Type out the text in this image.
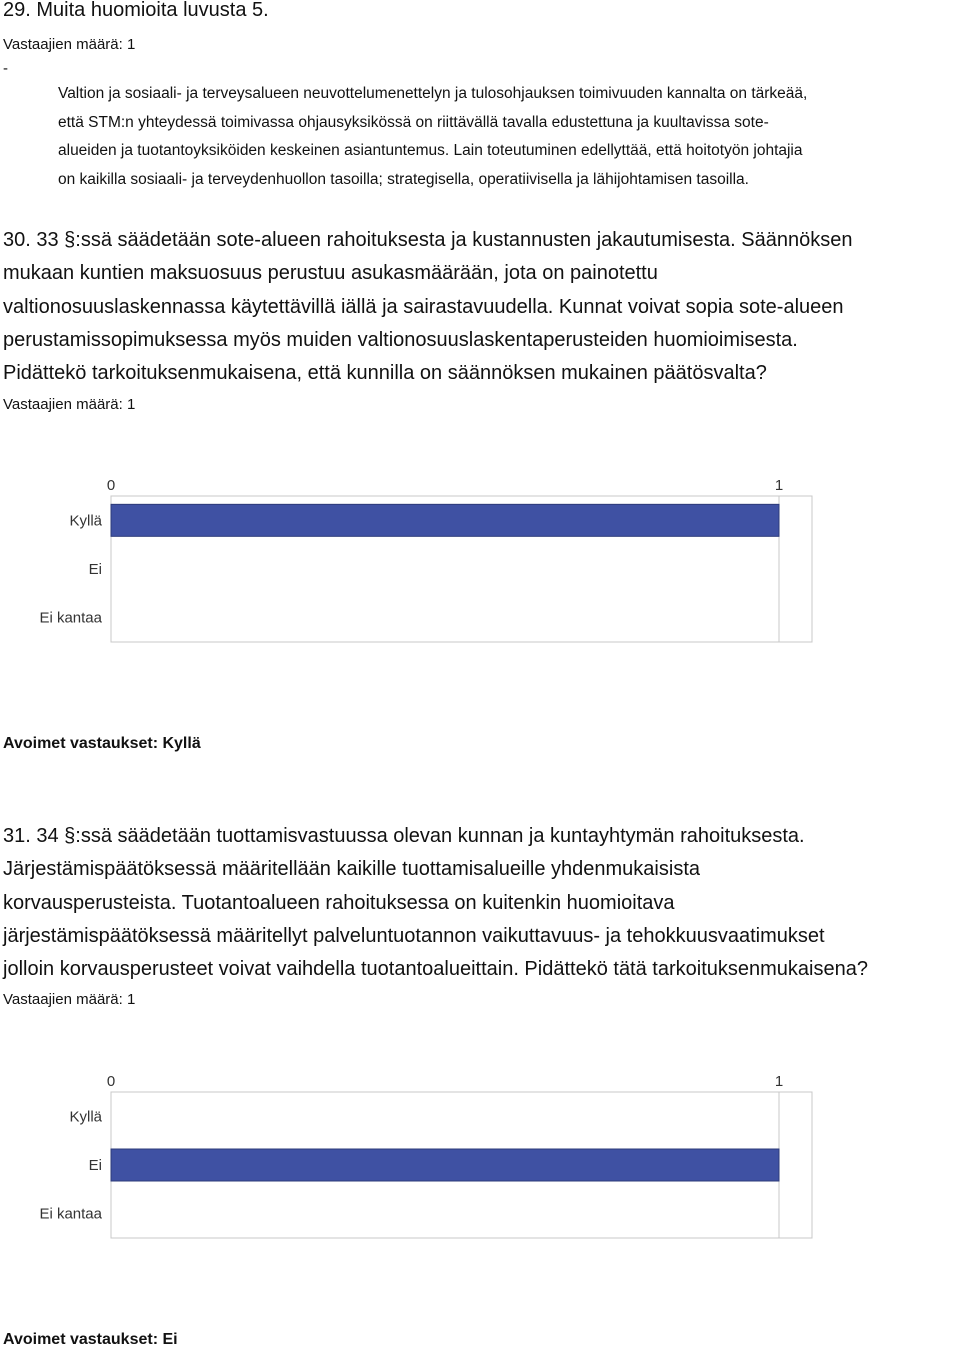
29. Muita huomioita luvusta 5.
Vastaajien määrä: 1
-
Valtion ja sosiaali- ja terveysalueen neuvottelumenettelyn ja tulosohjauksen toimivuuden kannalta on tärkeää,
että STM:n yhteydessä toimivassa ohjausyksikössä on riittävällä tavalla edustettuna ja kuultavissa sote-
alueiden ja tuotantoyksiköiden keskeinen asiantuntemus. Lain toteutuminen edellyttää, että hoitotyön johtajia
on kaikilla sosiaali- ja terveydenhuollon tasoilla; strategisella, operatiivisella ja lähijohtamisen tasoilla.
30. 33 §:ssä säädetään sote-alueen rahoituksesta ja kustannusten jakautumisesta. Säännöksen
mukaan kuntien maksuosuus perustuu asukasmäärään, jota on painotettu
valtionosuuslaskennassa käytettävillä iällä ja sairastavuudella. Kunnat voivat sopia sote-alueen
perustamissopimuksessa myös muiden valtionosuuslaskentaperusteiden huomioimisesta.
Pidättekö tarkoituksenmukaisena, että kunnilla on säännöksen mukainen päätösvalta?
Vastaajien määrä: 1
0	1
Kyllä
Ei
Ei kantaa
Avoimet vastaukset: Kyllä
31. 34 §:ssä säädetään tuottamisvastuussa olevan kunnan ja kuntayhtymän rahoituksesta.
Järjestämispäätöksessä määritellään kaikille tuottamisalueille yhdenmukaisista
korvausperusteista. Tuotantoalueen rahoituksessa on kuitenkin huomioitava
järjestämispäätöksessä määritellyt palveluntuotannon vaikuttavuus- ja tehokkuusvaatimukset
jolloin korvausperusteet voivat vaihdella tuotantoalueittain. Pidättekö tätä tarkoituksenmukaisena?
Vastaajien määrä: 1
0	1
Kyllä
Ei
Ei kantaa
Avoimet vastaukset: Ei
